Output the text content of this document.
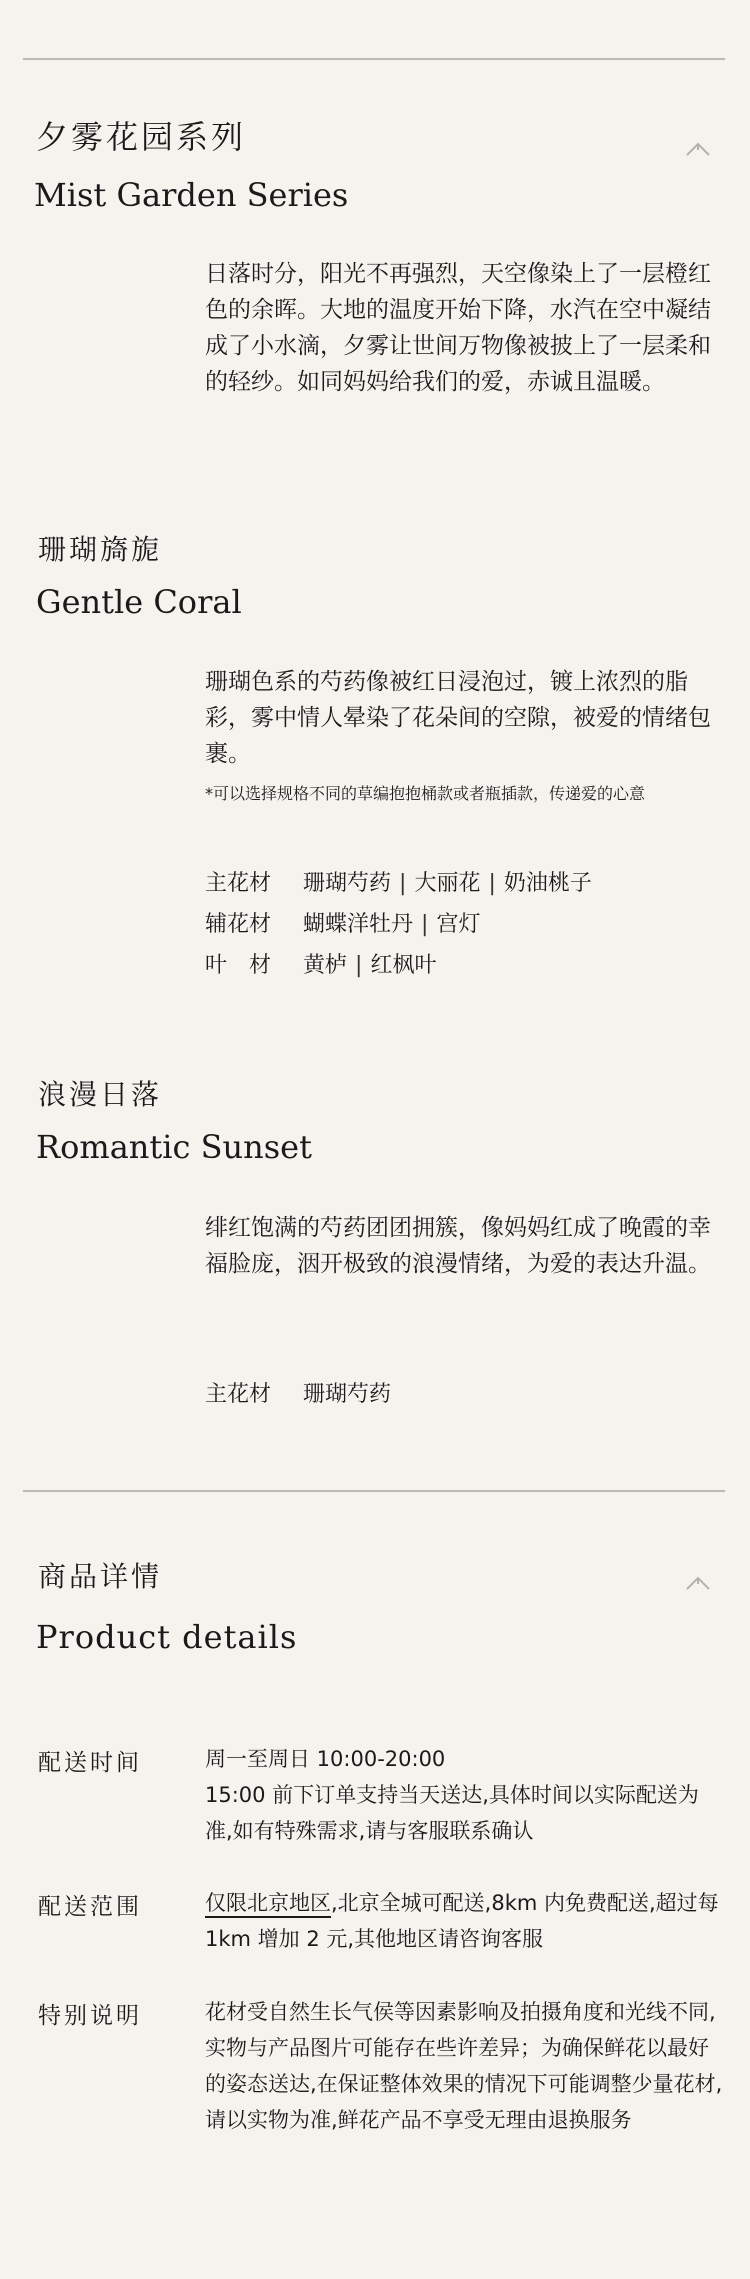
夕雾花园系列
Mist Garden Series
日落时分，阳光不再强烈，天空像染上了一层橙红色的余晖。大地的温度开始下降，水汽在空中凝结成了小水滴，夕雾让世间万物像被披上了一层柔和的轻纱。如同妈妈给我们的爱，赤诚且温暖。
珊瑚旖旎
Gentle Coral
珊瑚色系的芍药像被红日浸泡过，镀上浓烈的脂彩，雾中情人晕染了花朵间的空隙，被爱的情绪包裹。
*可以选择规格不同的草编抱抱桶款或者瓶插款，传递爱的心意
主花材 珊瑚芍药 | 大丽花 | 奶油桃子
辅花材 蝴蝶洋牡丹 | 宫灯
叶　材 黄栌 | 红枫叶
浪漫日落
Romantic Sunset
绯红饱满的芍药团团拥簇，像妈妈红成了晚霞的幸福脸庞，洇开极致的浪漫情绪，为爱的表达升温。
主花材 珊瑚芍药
商品详情
Product details
配送时间	周一至周日 10:00-20:00
15:00 前下订单支持当天送达,具体时间以实际配送为准,如有特殊需求,请与客服联系确认
配送范围	仅限北京地区,北京全城可配送,8km 内免费配送,超过每 1km 增加 2 元,其他地区请咨询客服
特别说明	花材受自然生长气侯等因素影响及拍摄角度和光线不同,实物与产品图片可能存在些许差异；为确保鲜花以最好的姿态送达,在保证整体效果的情况下可能调整少量花材,请以实物为准,鲜花产品不享受无理由退换服务
